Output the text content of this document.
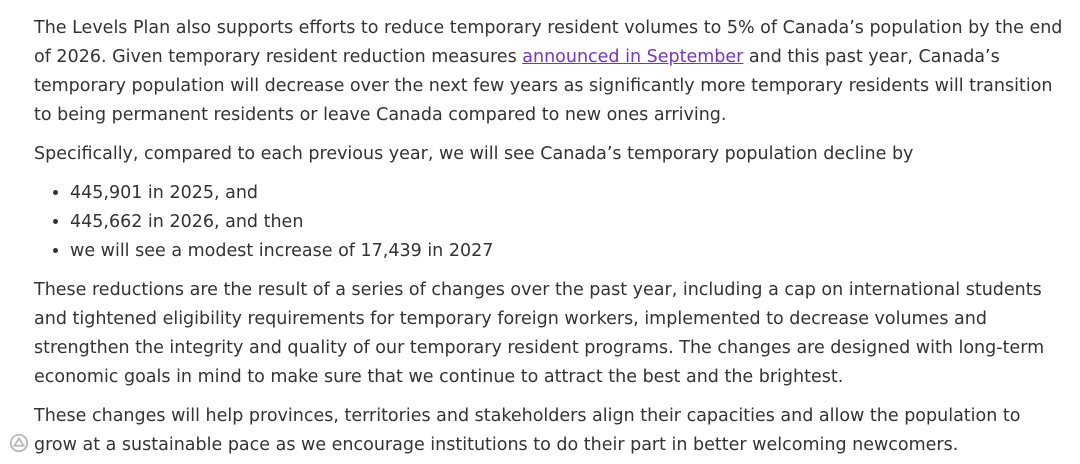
The Levels Plan also supports efforts to reduce temporary resident volumes to 5% of Canada’s population by the end of 2026. Given temporary resident reduction measures announced in September and this past year, Canada’s temporary population will decrease over the next few years as significantly more temporary residents will transition to being permanent residents or leave Canada compared to new ones arriving.

Specifically, compared to each previous year, we will see Canada’s temporary population decline by

• 445,901 in 2025, and
• 445,662 in 2026, and then
• we will see a modest increase of 17,439 in 2027

These reductions are the result of a series of changes over the past year, including a cap on international students and tightened eligibility requirements for temporary foreign workers, implemented to decrease volumes and strengthen the integrity and quality of our temporary resident programs. The changes are designed with long-term economic goals in mind to make sure that we continue to attract the best and the brightest.

These changes will help provinces, territories and stakeholders align their capacities and allow the population to grow at a sustainable pace as we encourage institutions to do their part in better welcoming newcomers.
